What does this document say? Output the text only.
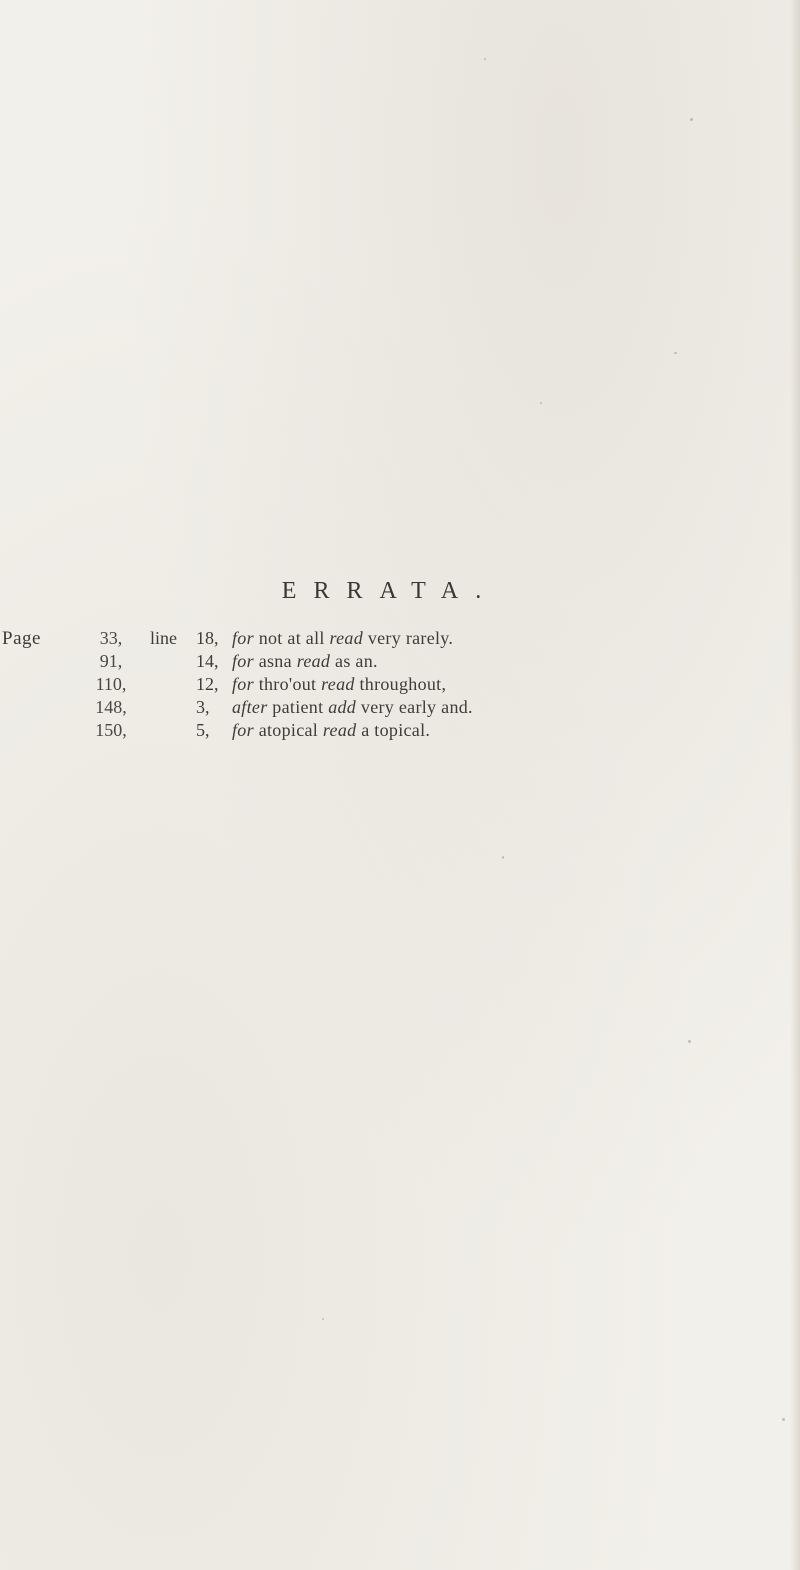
ERRATA.
Page	33,	line 18, for not at all read very rarely.
91,	14, for asna read as an.
110,	12, for thro'out read throughout,
148,	3, after patient add very early and.
150,	5, for atopical read a topical.
